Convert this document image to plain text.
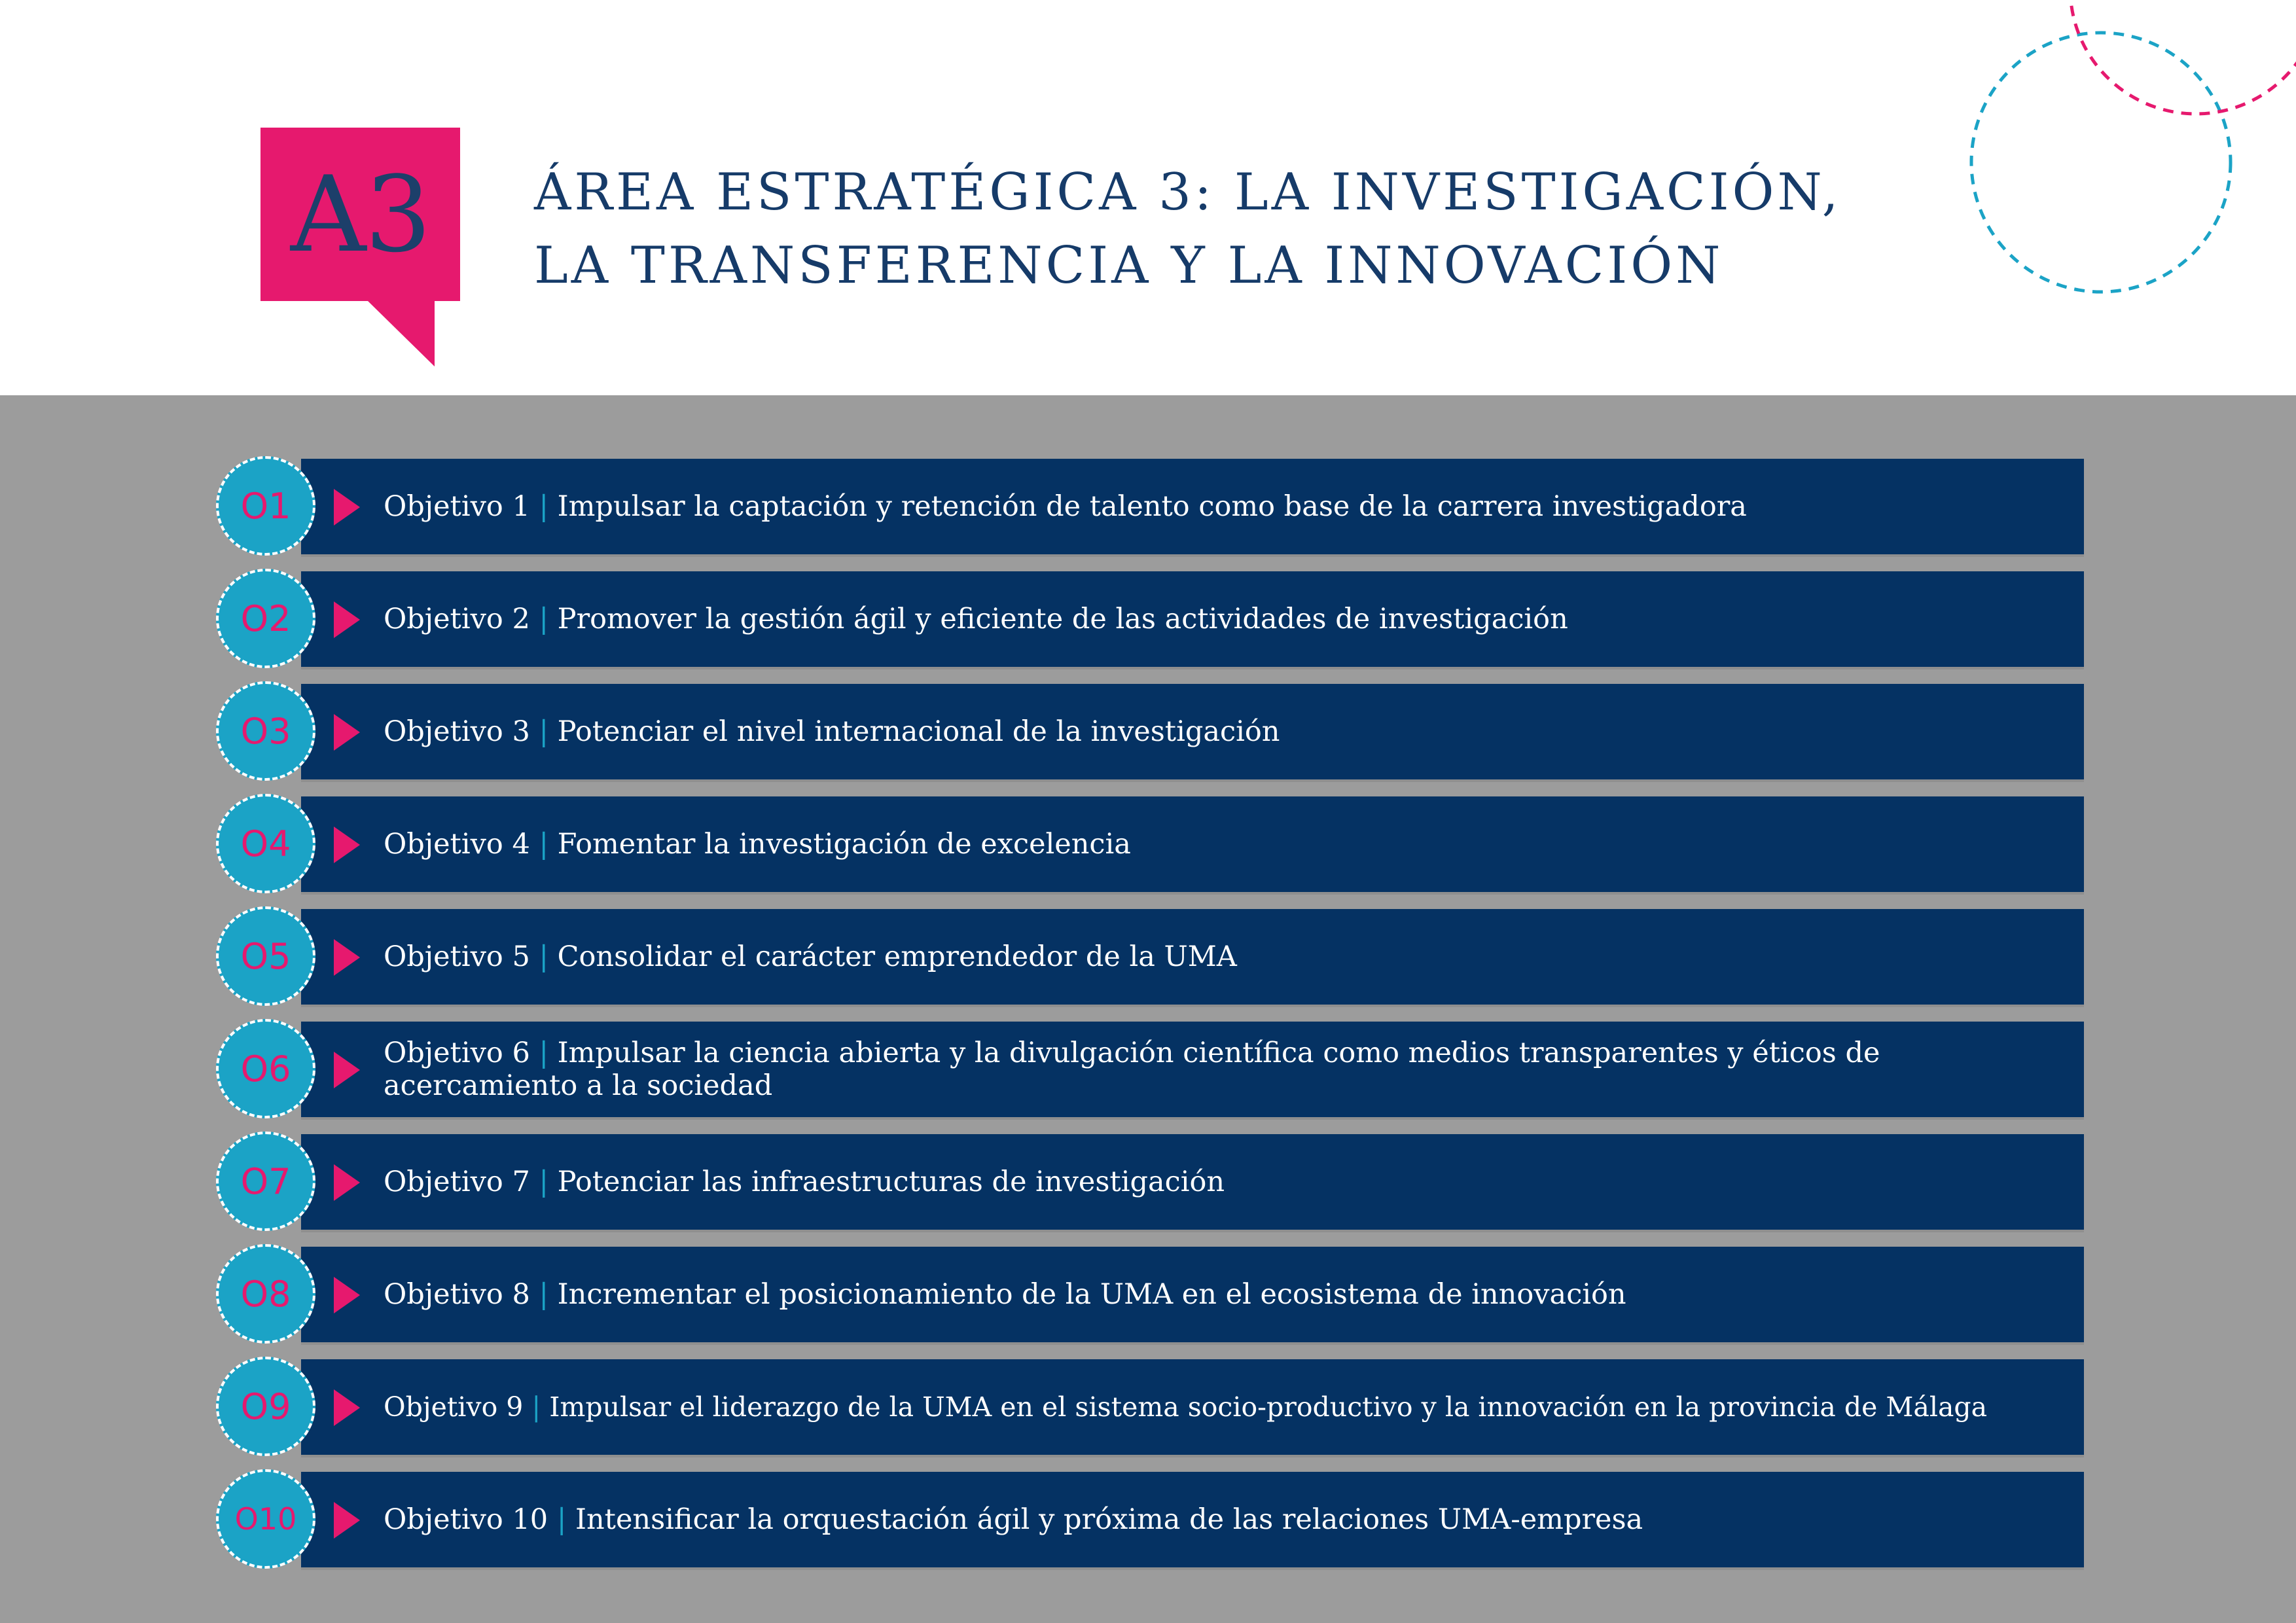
A3	ÁREA ESTRATÉGICA 3: LA INVESTIGACIÓN,
LA TRANSFERENCIA Y LA INNOVACIÓN
O1	Objetivo 1 | Impulsar la captación y retención de talento como base de la carrera investigadora
O2	Objetivo 2 | Promover la gestión ágil y eficiente de las actividades de investigación
O3	Objetivo 3 | Potenciar el nivel internacional de la investigación
O4	Objetivo 4 | Fomentar la investigación de excelencia
O5	Objetivo 5 | Consolidar el carácter emprendedor de la UMA
O6	Objetivo 6 | Impulsar la ciencia abierta y la divulgación científica como medios transparentes y éticos de acercamiento a la sociedad
O7	Objetivo 7 | Potenciar las infraestructuras de investigación
O8	Objetivo 8 | Incrementar el posicionamiento de la UMA en el ecosistema de innovación
O9	Objetivo 9 | Impulsar el liderazgo de la UMA en el sistema socio-productivo y la innovación en la provincia de Málaga
O10	Objetivo 10 | Intensificar la orquestación ágil y próxima de las relaciones UMA-empresa
